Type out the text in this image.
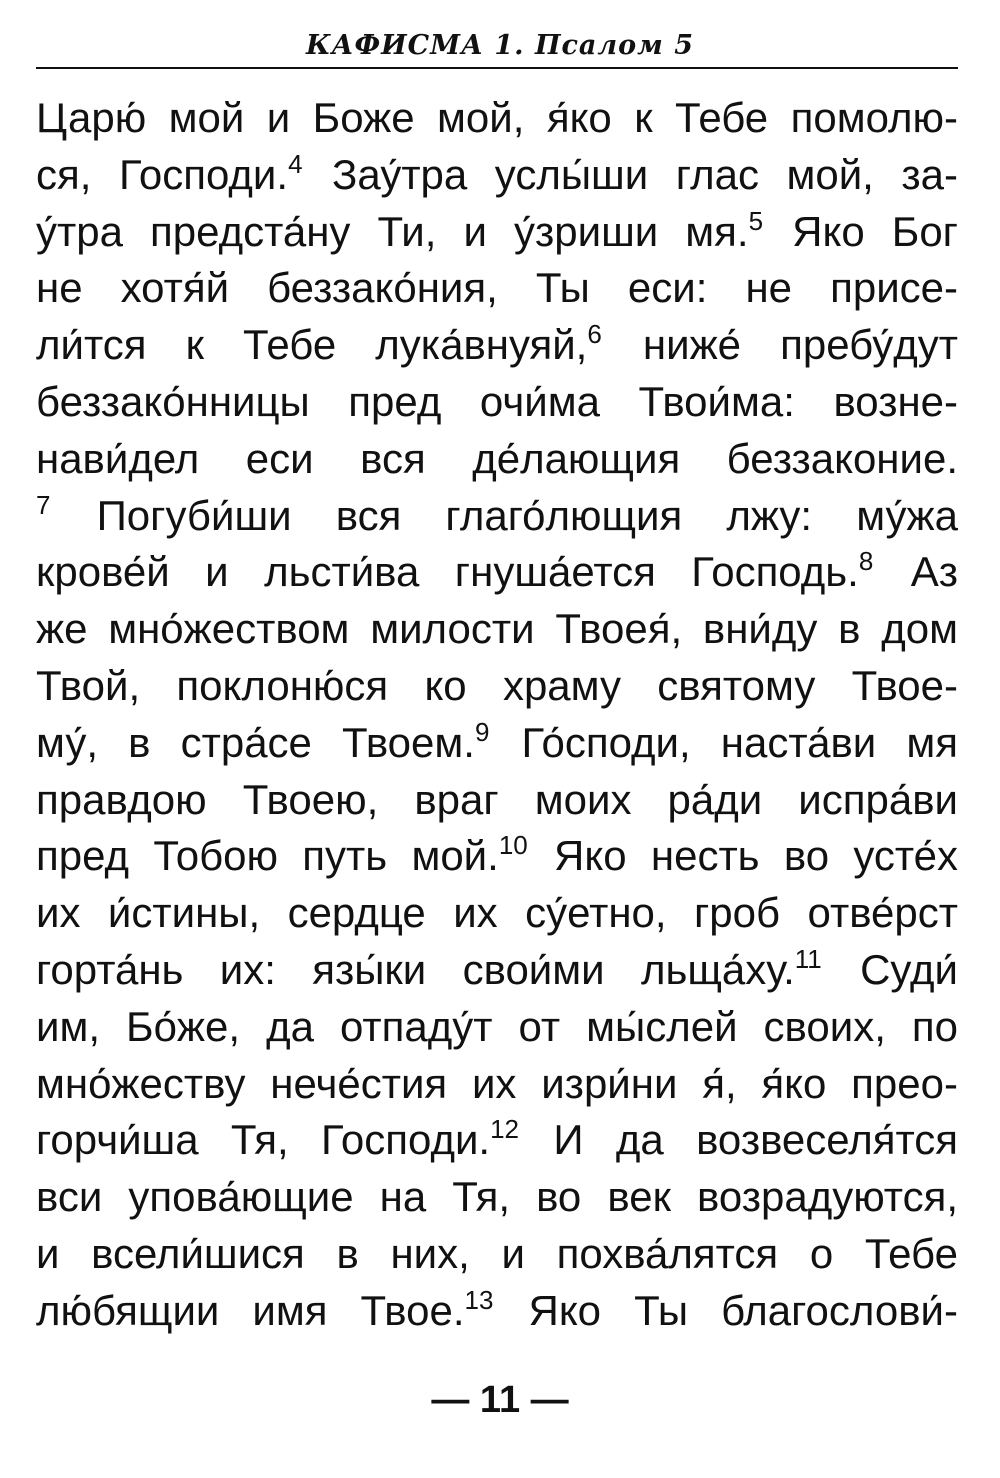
КАФИСМА 1. Псалом 5
Царю́ мой и Боже мой, я́ко к Тебе помолю-
ся, Господи.$^4$ Зау́тра услы́ши глас мой, за-
у́тра предста́ну Ти, и у́зриши мя.$^5$ Яко Бог
не хотя́й беззако́ния, Ты еси: не присе-
ли́тся к Тебе лука́внуяй,$^6$ ниже́ пребу́дут
беззако́нницы пред очи́ма Твои́ма: возне-
нави́дел еси вся де́лающия беззаконие.
$^7$ Погуби́ши вся глаго́лющия лжу: му́жа
крове́й и льсти́ва гнуша́ется Господь.$^8$ Аз
же мно́жеством милости Твоея́, вни́ду в дом
Твой, поклоню́ся ко храму святому Твое-
му́, в стра́се Твоем.$^9$ Го́споди, наста́ви мя
правдою Твоею, враг моих ра́ди испра́ви
пред Тобою путь мой.$^{10}$ Яко несть во усте́х
их и́стины, сердце их су́етно, гроб отве́рст
горта́нь их: язы́ки свои́ми льща́ху.$^{11}$ Суди́
им, Бо́же, да отпаду́т от мы́слей своих, по
мно́жеству нече́стия их изри́ни я́, я́ко прео-
горчи́ша Тя, Господи.$^{12}$ И да возвеселя́тся
вси упова́ющие на Тя, во век возрадуются,
и всели́шися в них, и похва́лятся о Тебе
лю́бящии имя Твое.$^{13}$ Яко Ты благослови́-
— 11 —
